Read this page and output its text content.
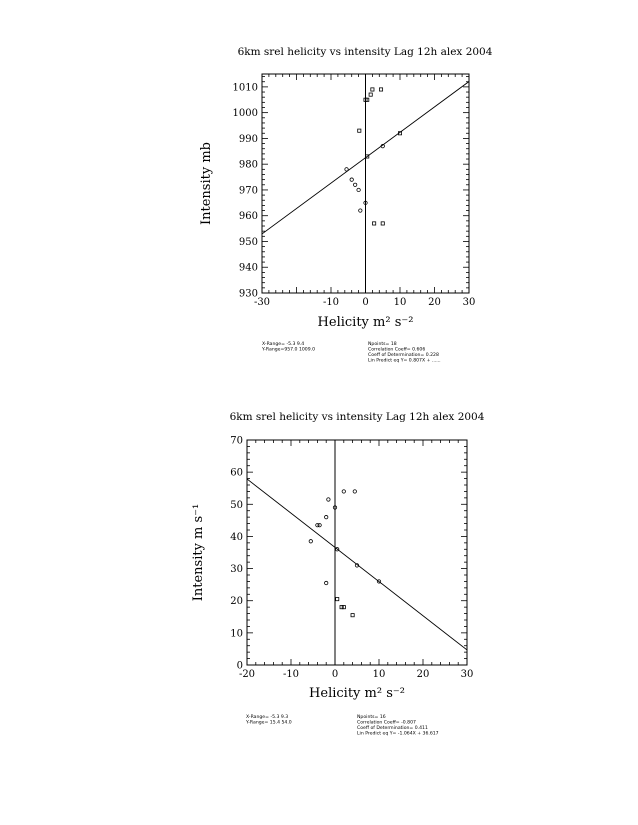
6km srel helicity vs intensity Lag 12h alex 2004
-30	-10 0 10 20 30
930
940
950
960
970
980
990
1000
1010
Helicity m² s⁻²
Intensity mb
X-Range= -5.3 9.4
Y-Range=957.0 1009.0
Npoints= 18
Correlation Coeff= 0.606
Coeff of Determination= 0.228
Lin Predict eq Y= 0.807X + ......
6km srel helicity vs intensity Lag 12h alex 2004
-20	-10	0	10	20	30
0
10
20
30
40
50
60
70
Helicity m² s⁻²
Intensity m s⁻¹
X-Range= -5.3 9.3
Y-Range= 15.4 54.0
Npoints= 16
Correlation Coeff= -0.807
Coeff of Determination= 0.411
Lin Predict eq Y= -1.064X + 36.617
